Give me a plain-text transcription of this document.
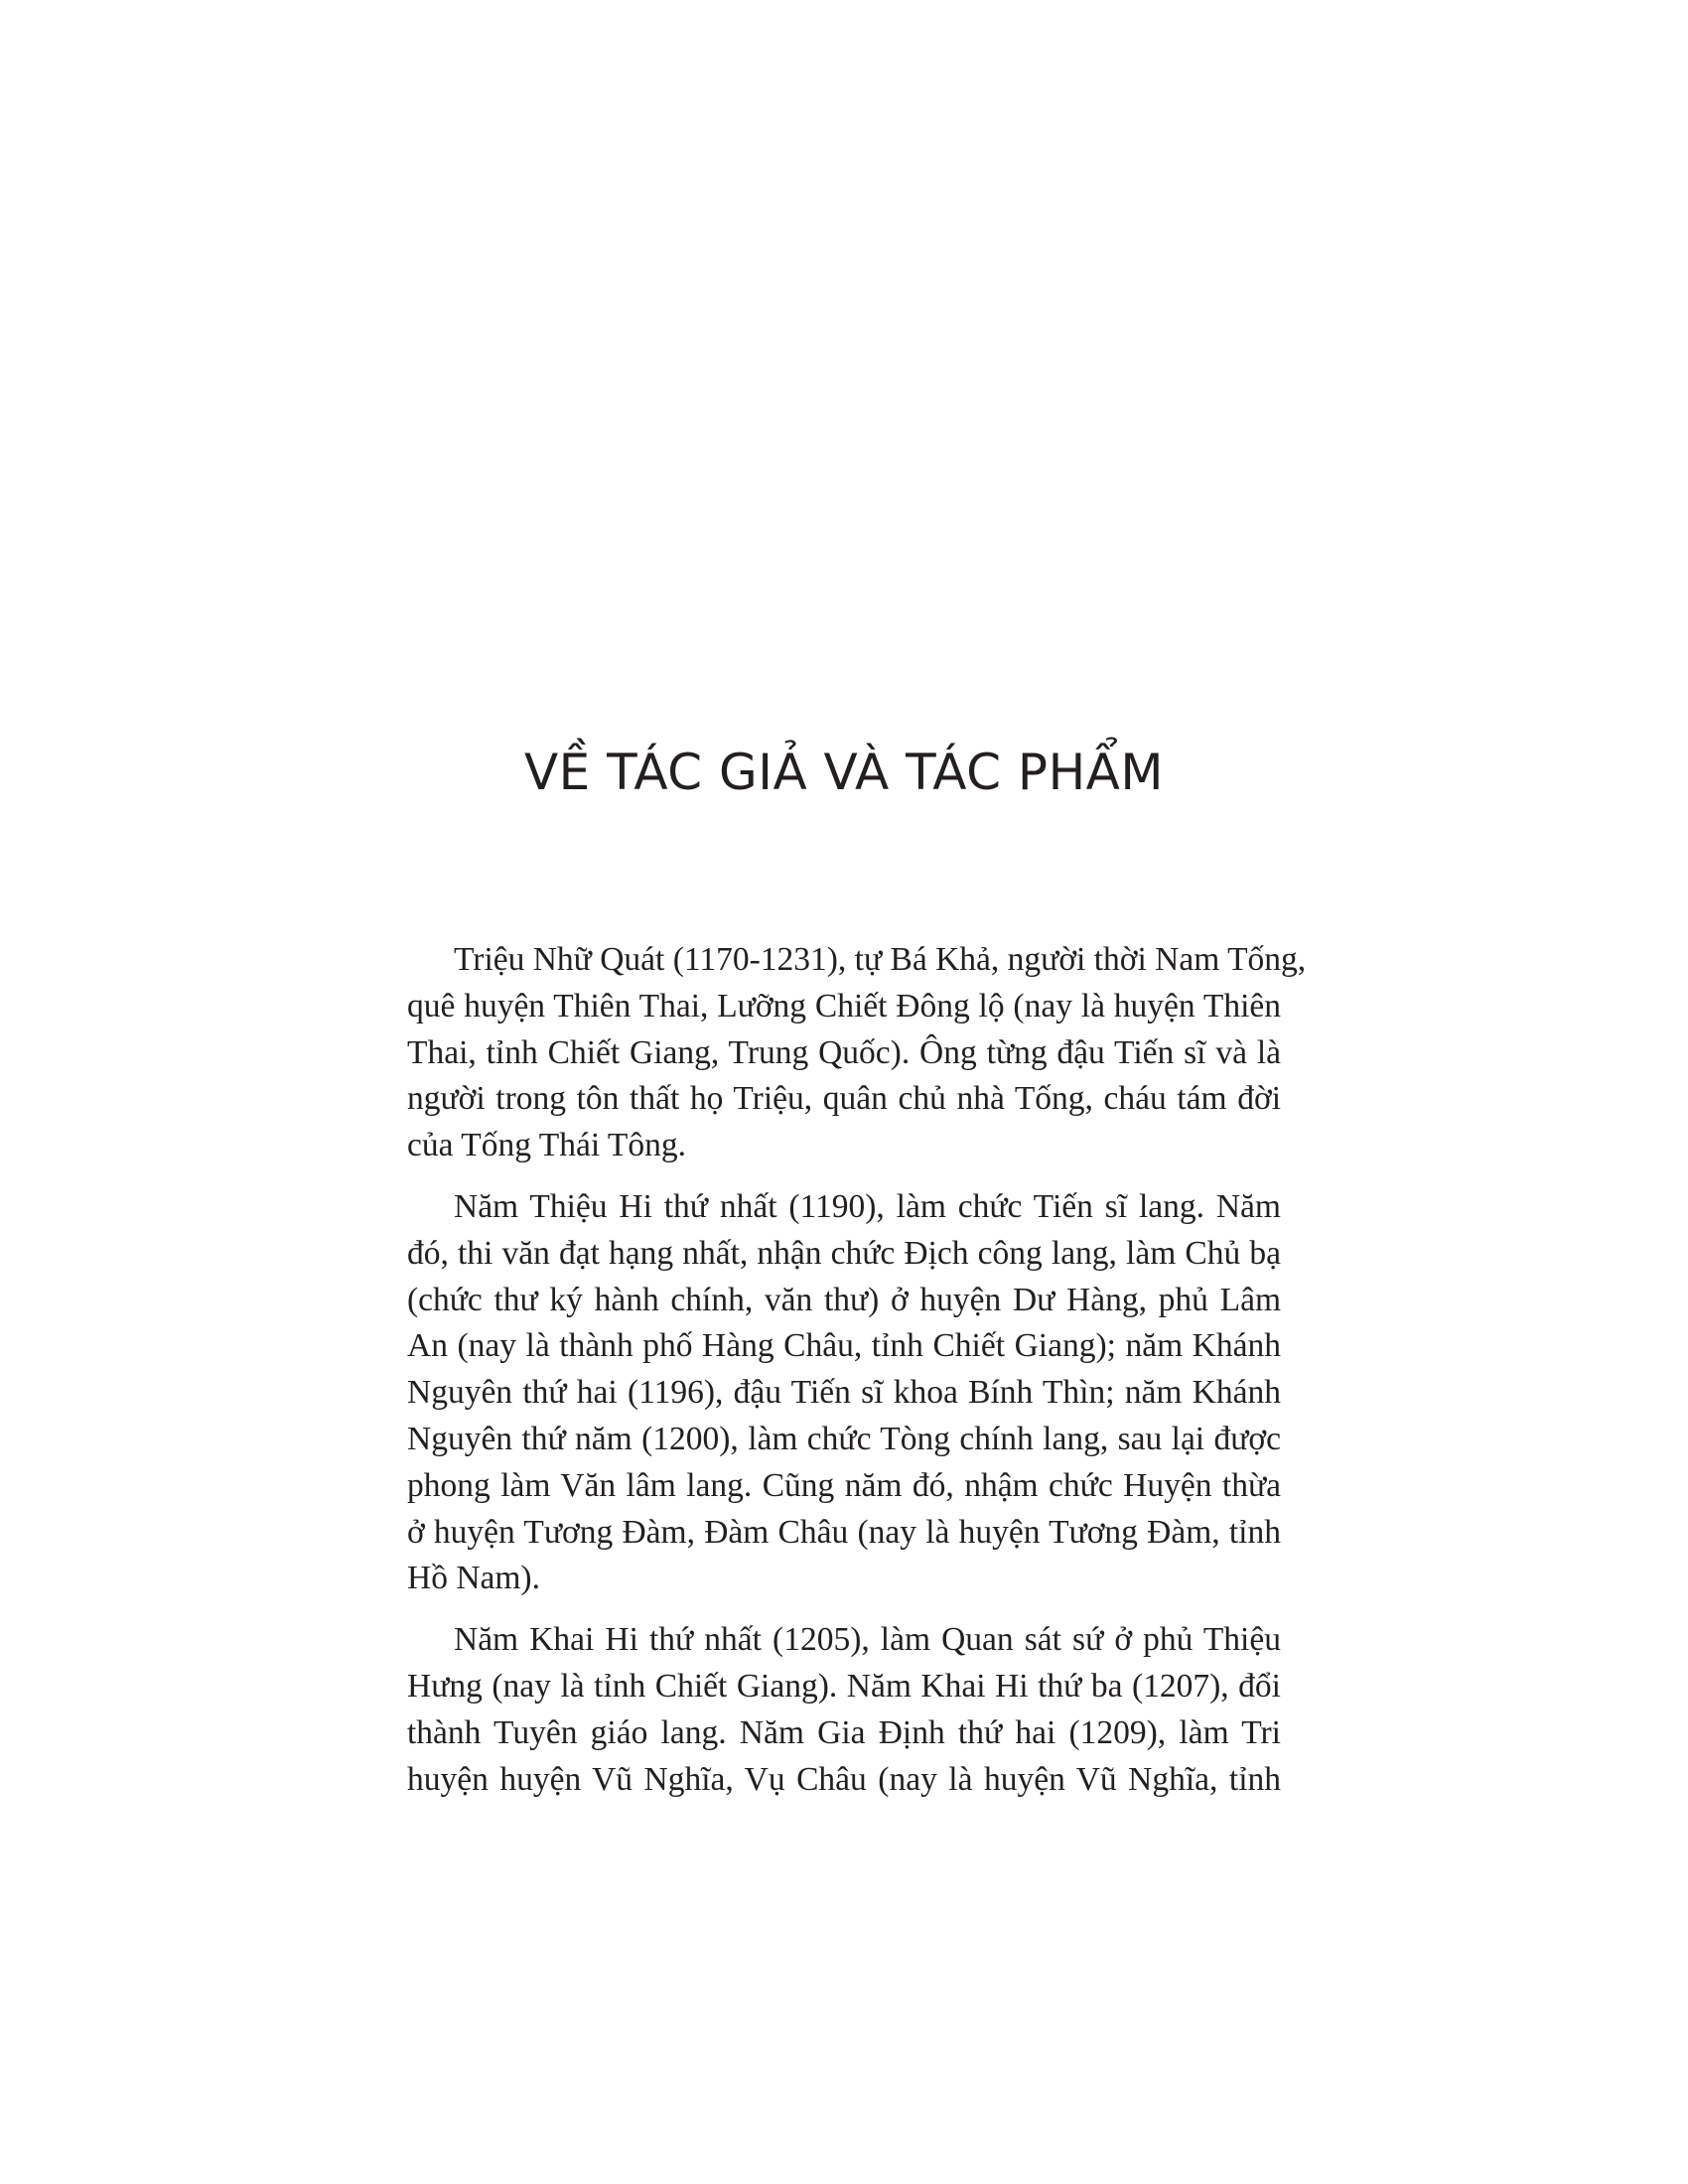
VỀ TÁC GIẢ VÀ TÁC PHẨM
Triệu Nhữ Quát (1170-1231), tự Bá Khả, người thời Nam Tống,
quê huyện Thiên Thai, Lưỡng Chiết Đông lộ (nay là huyện Thiên
Thai, tỉnh Chiết Giang, Trung Quốc). Ông từng đậu Tiến sĩ và là
người trong tôn thất họ Triệu, quân chủ nhà Tống, cháu tám đời
của Tống Thái Tông.
Năm Thiệu Hi thứ nhất (1190), làm chức Tiến sĩ lang. Năm
đó, thi văn đạt hạng nhất, nhận chức Địch công lang, làm Chủ bạ
(chức thư ký hành chính, văn thư) ở huyện Dư Hàng, phủ Lâm
An (nay là thành phố Hàng Châu, tỉnh Chiết Giang); năm Khánh
Nguyên thứ hai (1196), đậu Tiến sĩ khoa Bính Thìn; năm Khánh
Nguyên thứ năm (1200), làm chức Tòng chính lang, sau lại được
phong làm Văn lâm lang. Cũng năm đó, nhậm chức Huyện thừa
ở huyện Tương Đàm, Đàm Châu (nay là huyện Tương Đàm, tỉnh
Hồ Nam).
Năm Khai Hi thứ nhất (1205), làm Quan sát sứ ở phủ Thiệu
Hưng (nay là tỉnh Chiết Giang). Năm Khai Hi thứ ba (1207), đổi
thành Tuyên giáo lang. Năm Gia Định thứ hai (1209), làm Tri
huyện huyện Vũ Nghĩa, Vụ Châu (nay là huyện Vũ Nghĩa, tỉnh
